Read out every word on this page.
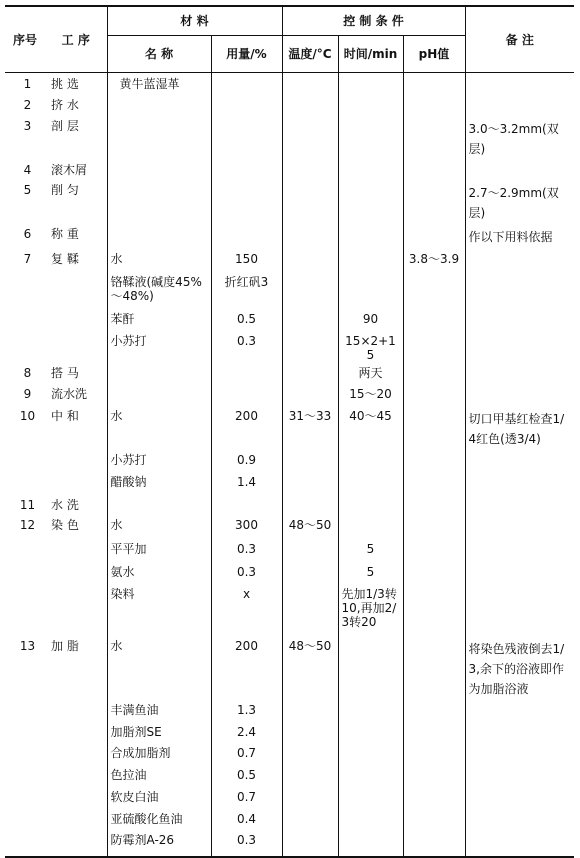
序号	工 序	材 料		控 制 条 件			备 注
		名 称	用量/%	温度/°C	时间/min	pH值	
1	挑 选	黄牛蓝湿革					
2	挤 水						
3	剖 层						3.0～3.2mm(双层)
4	滚木屑						
5	削 匀						2.7～2.9mm(双层)
6	称 重						作以下用料依据
7	复 鞣	水	150			3.8～3.9	
		铬鞣液(碱度45%～48%)	折红矾3				
		苯酐	0.5		90		
		小苏打	0.3		15×2+15		
8	搭 马				两天		
9	流水洗				15～20		
10	中 和	水	200	31～33	40～45		切口甲基红检查1/4红色(透3/4)
		小苏打	0.9				
		醋酸钠	1.4				
11	水 洗						
12	染 色	水	300	48～50			
		平平加	0.3		5		
		氨水	0.3		5		
		染料	x		先加1/3转10,再加2/3转20		
13	加 脂	水	200	48～50			将染色残液倒去1/3,余下的浴液即作为加脂浴液
		丰满鱼油	1.3				
		加脂剂SE	2.4				
		合成加脂剂	0.7				
		色拉油	0.5				
		软皮白油	0.7				
		亚硫酸化鱼油	0.4				
		防霉剂A-26	0.3				
